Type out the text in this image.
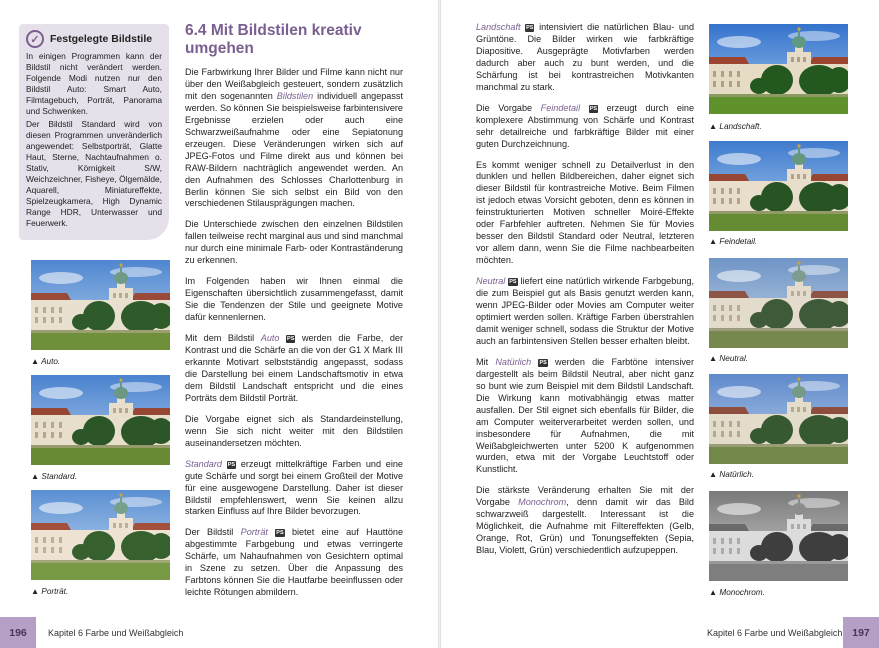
✓ Festgelegte Bildstile

In einigen Programmen kann der Bildstil nicht verändert werden. Folgende Modi nutzen nur den Bildstil Auto: Smart Auto, Filmtagebuch, Porträt, Panorama und Schwenken.

Der Bildstil Standard wird von diesen Programmen unveränderlich angewendet: Selbstporträt, Glatte Haut, Sterne, Nachtaufnahmen o. Stativ, Körnigkeit S/W, Weichzeichner, Fisheye, Ölgemälde, Aquarell, Miniatureffekte, Spielzeugkamera, High Dynamic Range HDR, Unterwasser und Feuerwerk.

▲ Auto.
▲ Standard.
▲ Porträt.
6.4 Mit Bildstilen kreativ umgehen

Die Farbwirkung Ihrer Bilder und Filme kann nicht nur über den Weißabgleich gesteuert, sondern zusätzlich mit den sogenannten Bildstilen individuell angepasst werden. So können Sie beispielsweise farbintensivere Ergebnisse erzielen oder auch eine Schwarzweißaufnahme oder eine Sepiatonung erzeugen. Diese Veränderungen wirken sich auf JPEG-Fotos und Filme direkt aus und können bei RAW-Bildern nachträglich angewendet werden. An den Aufnahmen des Schlosses Charlottenburg in Berlin können Sie sich selbst ein Bild von den verschiedenen Stilausprägungen machen.

Die Unterschiede zwischen den einzelnen Bildstilen fallen teilweise recht marginal aus und sind manchmal nur durch eine minimale Farb- oder Kontraständerung zu erkennen.

Im Folgenden haben wir Ihnen einmal die Eigenschaften übersichtlich zusammengefasst, damit Sie die Tendenzen der Stile und geeignete Motive dafür kennenlernen.

Mit dem Bildstil Auto PS werden die Farbe, der Kontrast und die Schärfe an die von der G1 X Mark III erkannte Motivart selbstständig angepasst, sodass die Darstellung bei einem Landschaftsmotiv in etwa dem Bildstil Landschaft entspricht und die eines Porträts dem Bildstil Porträt.

Die Vorgabe eignet sich als Standardeinstellung, wenn Sie sich nicht weiter mit den Bildstilen auseinandersetzen möchten.

Standard PS erzeugt mittelkräftige Farben und eine gute Schärfe und sorgt bei einem Großteil der Motive für eine ausgewogene Darstellung. Daher ist dieser Bildstil empfehlenswert, wenn Sie keinen allzu starken Einfluss auf Ihre Bilder bevorzugen.

Der Bildstil Porträt PS bietet eine auf Hauttöne abgestimmte Farbgebung und etwas verringerte Schärfe, um Nahaufnahmen von Gesichtern optimal in Szene zu setzen. Über die Anpassung des Farbtons können Sie die Hautfarbe beeinflussen oder leichte Rötungen abmildern.

196	Kapitel 6 Farbe und Weißabgleich

Landschaft PS intensiviert die natürlichen Blau- und Grüntöne. Die Bilder wirken wie farbkräftige Diapositive. Ausgeprägte Motivfarben werden dadurch aber auch zu bunt werden, und die Schärfung ist bei kontrastreichen Motivkanten manchmal zu stark.

Die Vorgabe Feindetail PS erzeugt durch eine komplexere Abstimmung von Schärfe und Kontrast sehr detailreiche und farbkräftige Bilder mit einer guten Durchzeichnung.

Es kommt weniger schnell zu Detailverlust in den dunklen und hellen Bildbereichen, daher eignet sich dieser Bildstil für kontrastreiche Motive. Beim Filmen ist jedoch etwas Vorsicht geboten, denn es können in feinstrukturierten Motiven schneller Moiré-Effekte oder Farbfehler auftreten. Nehmen Sie für Movies besser den Bildstil Standard oder Neutral, letzteren vor allem dann, wenn Sie die Filme nachbearbeiten möchten.

Neutral PS liefert eine natürlich wirkende Farbgebung, die zum Beispiel gut als Basis genutzt werden kann, wenn JPEG-Bilder oder Movies am Computer weiter optimiert werden sollen. Kräftige Farben überstrahlen damit weniger schnell, sodass die Struktur der Motive auch an farbintensiven Stellen besser erhalten bleibt.

Mit Natürlich PS werden die Farbtöne intensiver dargestellt als beim Bildstil Neutral, aber nicht ganz so bunt wie zum Beispiel mit dem Bildstil Landschaft. Die Wirkung kann motivabhängig etwas matter ausfallen. Der Stil eignet sich ebenfalls für Bilder, die am Computer weiterverarbeitet werden sollen, und insbesondere für Aufnahmen, die mit Weißabgleichwerten unter 5200 K aufgenommen wurden, etwa mit der Vorgabe Leuchtstoff oder Kunstlicht.

Die stärkste Veränderung erhalten Sie mit der Vorgabe Monochrom, denn damit wir das Bild schwarzweiß dargestellt. Interessant ist die Möglichkeit, die Aufnahme mit Filtereffekten (Gelb, Orange, Rot, Grün) und Tonungseffekten (Sepia, Blau, Violett, Grün) verschiedentlich aufzupeppen.

▲ Landschaft.
▲ Feindetail.
▲ Neutral.
▲ Natürlich.
▲ Monochrom.
Kapitel 6 Farbe und Weißabgleich 197
